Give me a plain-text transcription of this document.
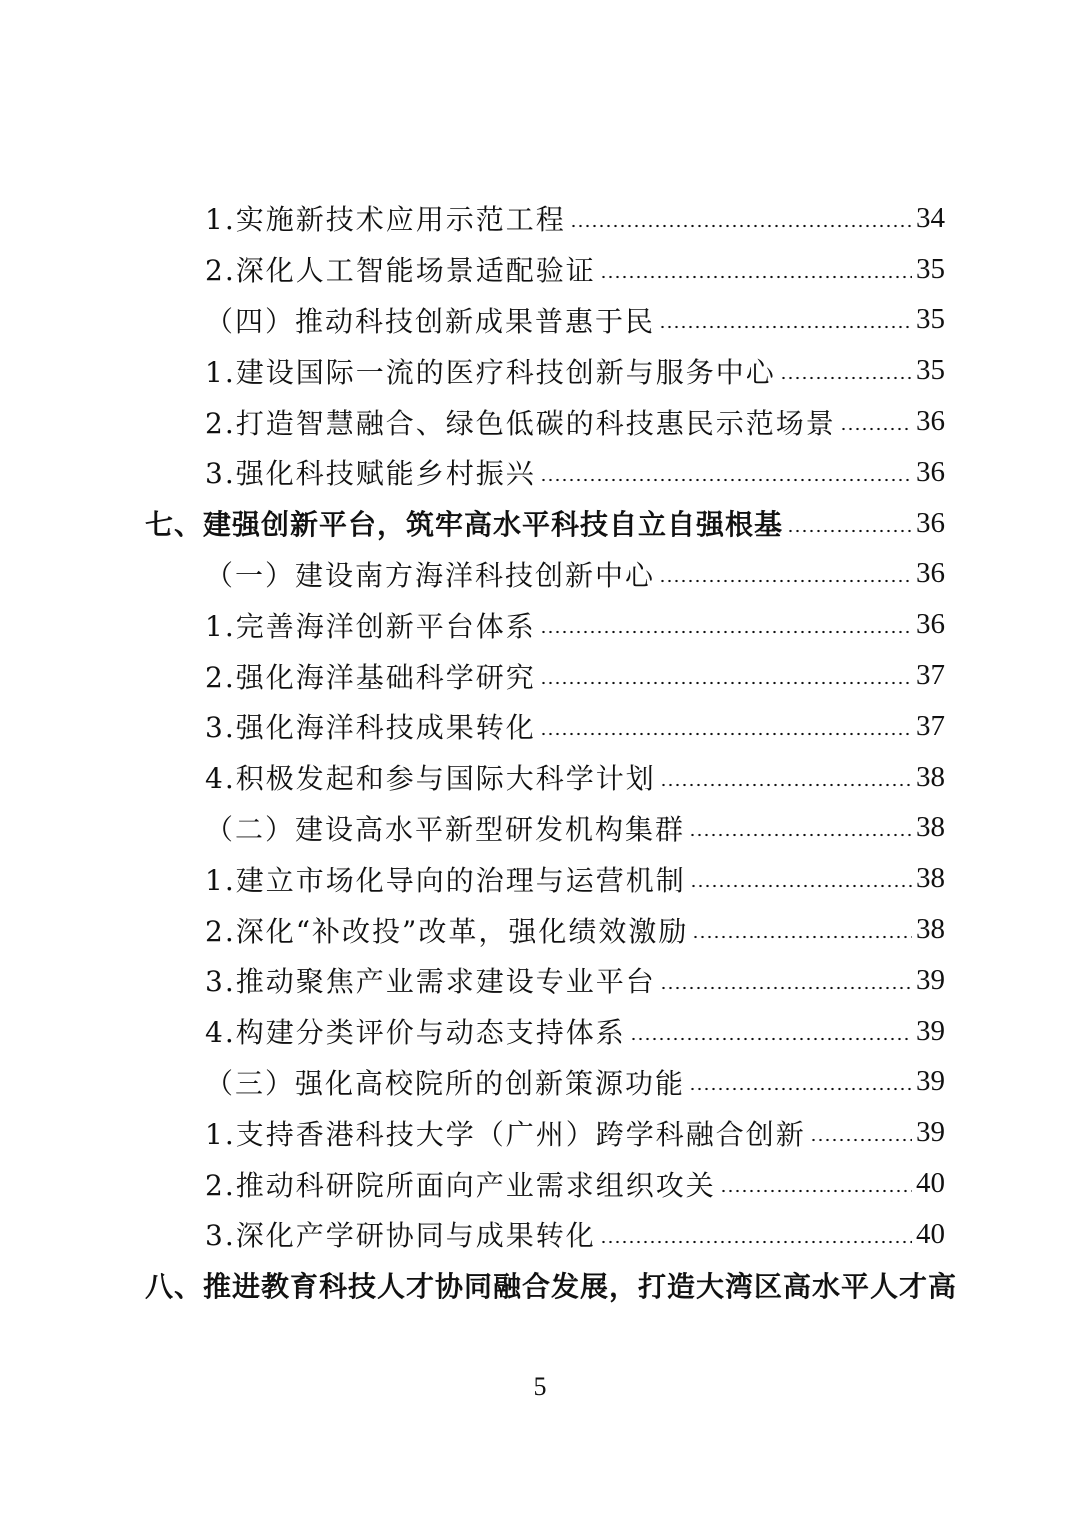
1.实施新技术应用示范工程	34
2.深化人工智能场景适配验证	35
（四）推动科技创新成果普惠于民	35
1.建设国际一流的医疗科技创新与服务中心	35
2.打造智慧融合、绿色低碳的科技惠民示范场景	36
3.强化科技赋能乡村振兴	36
七、建强创新平台，筑牢高水平科技自立自强根基	36
（一）建设南方海洋科技创新中心	36
1.完善海洋创新平台体系	36
2.强化海洋基础科学研究	37
3.强化海洋科技成果转化	37
4.积极发起和参与国际大科学计划	38
（二）建设高水平新型研发机构集群	38
1.建立市场化导向的治理与运营机制	38
2.深化“补改投”改革，强化绩效激励	38
3.推动聚焦产业需求建设专业平台	39
4.构建分类评价与动态支持体系	39
（三）强化高校院所的创新策源功能	39
1.支持香港科技大学（广州）跨学科融合创新	39
2.推动科研院所面向产业需求组织攻关	40
3.深化产学研协同与成果转化	40
八、推进教育科技人才协同融合发展，打造大湾区高水平人才高
5
